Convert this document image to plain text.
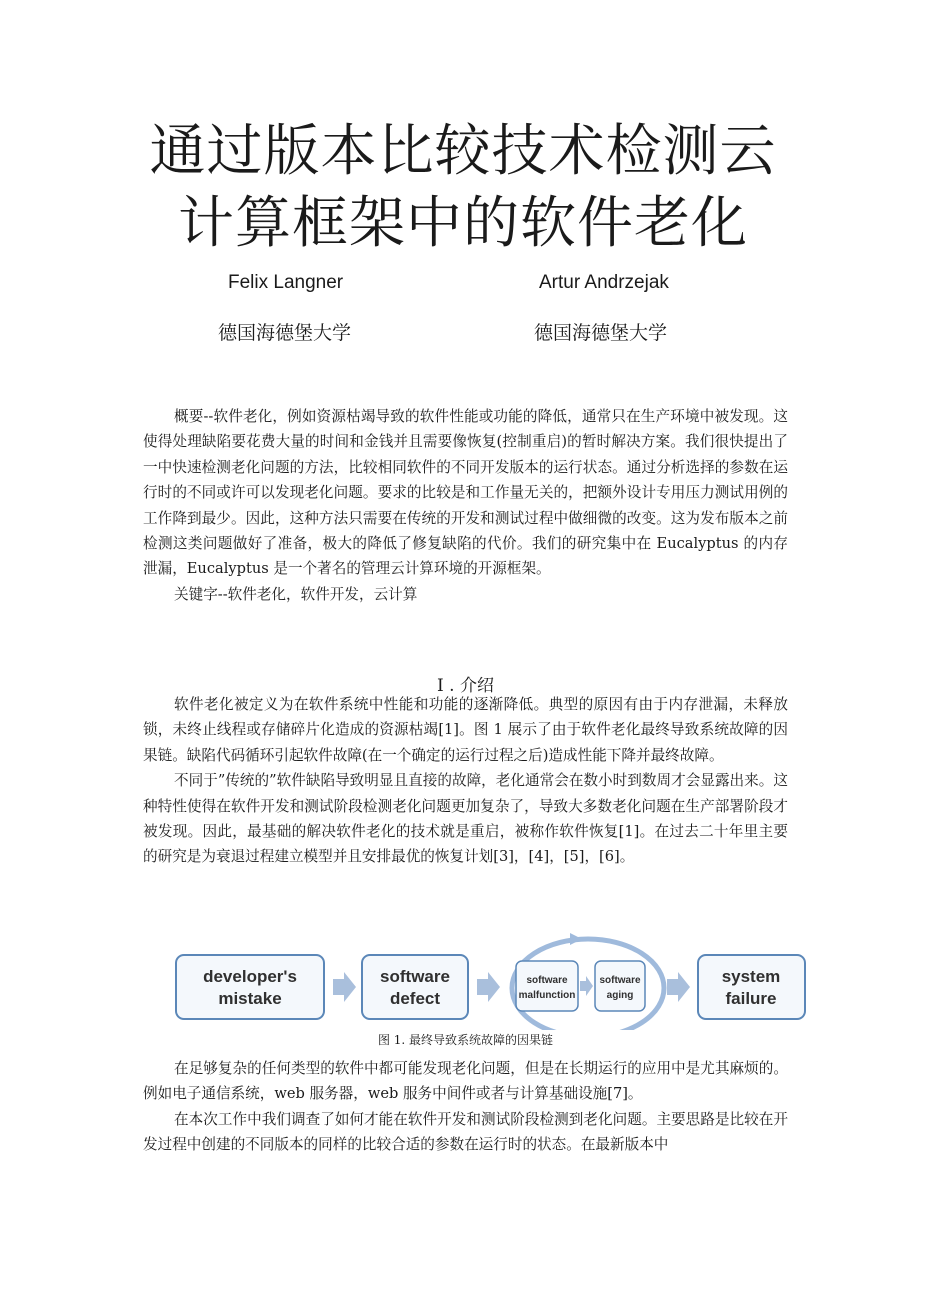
通过版本比较技术检测云
计算框架中的软件老化
Felix Langner	Artur Andrzejak
德国海德堡大学	德国海德堡大学

概要--软件老化，例如资源枯竭导致的软件性能或功能的降低，通常只在生产环境中被发现。这使得处理缺陷要花费大量的时间和金钱并且需要像恢复(控制重启)的暂时解决方案。我们很快提出了一中快速检测老化问题的方法，比较相同软件的不同开发版本的运行状态。通过分析选择的参数在运行时的不同或许可以发现老化问题。要求的比较是和工作量无关的，把额外设计专用压力测试用例的工作降到最少。因此，这种方法只需要在传统的开发和测试过程中做细微的改变。这为发布版本之前检测这类问题做好了准备，极大的降低了修复缺陷的代价。我们的研究集中在 Eucalyptus 的内存泄漏，Eucalyptus 是一个著名的管理云计算环境的开源框架。

关键字--软件老化，软件开发，云计算

I . 介绍

软件老化被定义为在软件系统中性能和功能的逐渐降低。典型的原因有由于内存泄漏，未释放锁，未终止线程或存储碎片化造成的资源枯竭[1]。图 1 展示了由于软件老化最终导致系统故障的因果链。缺陷代码循环引起软件故障(在一个确定的运行过程之后)造成性能下降并最终故障。

不同于”传统的”软件缺陷导致明显且直接的故障，老化通常会在数小时到数周才会显露出来。这种特性使得在软件开发和测试阶段检测老化问题更加复杂了，导致大多数老化问题在生产部署阶段才被发现。因此，最基础的解决软件老化的技术就是重启，被称作软件恢复[1]。在过去二十年里主要的研究是为衰退过程建立模型并且安排最优的恢复计划[3]，[4]，[5]，[6]。

developer's
mistake
software
defect
software
malfunction
software
aging
system
failure
图 1. 最终导致系统故障的因果链

在足够复杂的任何类型的软件中都可能发现老化问题，但是在长期运行的应用中是尤其麻烦的。例如电子通信系统，web 服务器，web 服务中间件或者与计算基础设施[7]。

在本次工作中我们调查了如何才能在软件开发和测试阶段检测到老化问题。主要思路是比较在开发过程中创建的不同版本的同样的比较合适的参数在运行时的状态。在最新版本中
